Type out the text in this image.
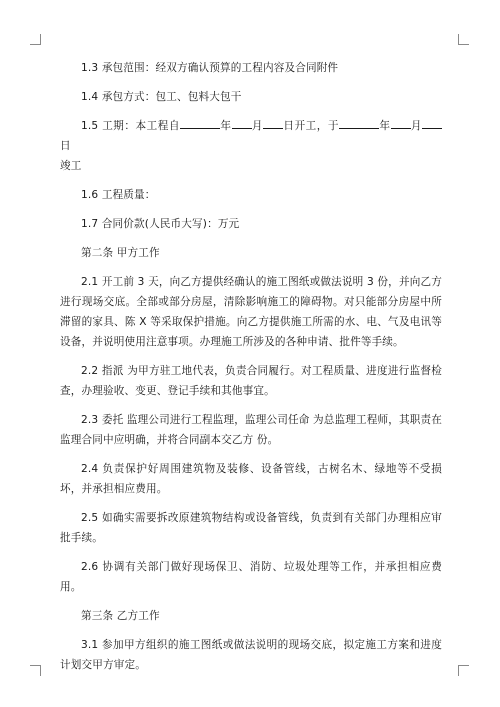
1.3 承包范围：经双方确认预算的工程内容及合同附件

1.4 承包方式：包工、包料大包干

1.5 工期：本工程自	年 月 日开工，于	年 月日
竣工

1.6 工程质量：

1.7 合同价款(人民币大写)：万元

第二条 甲方工作

2.1 开工前 3 天，向乙方提供经确认的施工图纸或做法说明 3 份，并向乙方进行现场交底。全部或部分房屋，清除影响施工的障碍物。对只能部分房屋中所滞留的家具、陈 X 等采取保护措施。向乙方提供施工所需的水、电、气及电讯等设备，并说明使用注意事项。办理施工所涉及的各种申请、批件等手续。

2.2 指派 为甲方驻工地代表，负责合同履行。对工程质量、进度进行监督检查，办理验收、变更、登记手续和其他事宜。

2.3 委托 监理公司进行工程监理，监理公司任命 为总监理工程师，其职责在监理合同中应明确，并将合同副本交乙方 份。

2.4 负责保护好周围建筑物及装修、设备管线，古树名木、绿地等不受损坏，并承担相应费用。

2.5 如确实需要拆改原建筑物结构或设备管线，负责到有关部门办理相应审批手续。

2.6 协调有关部门做好现场保卫、消防、垃圾处理等工作，并承担相应费用。

第三条 乙方工作

3.1 参加甲方组织的施工图纸或做法说明的现场交底，拟定施工方案和进度计划交甲方审定。
